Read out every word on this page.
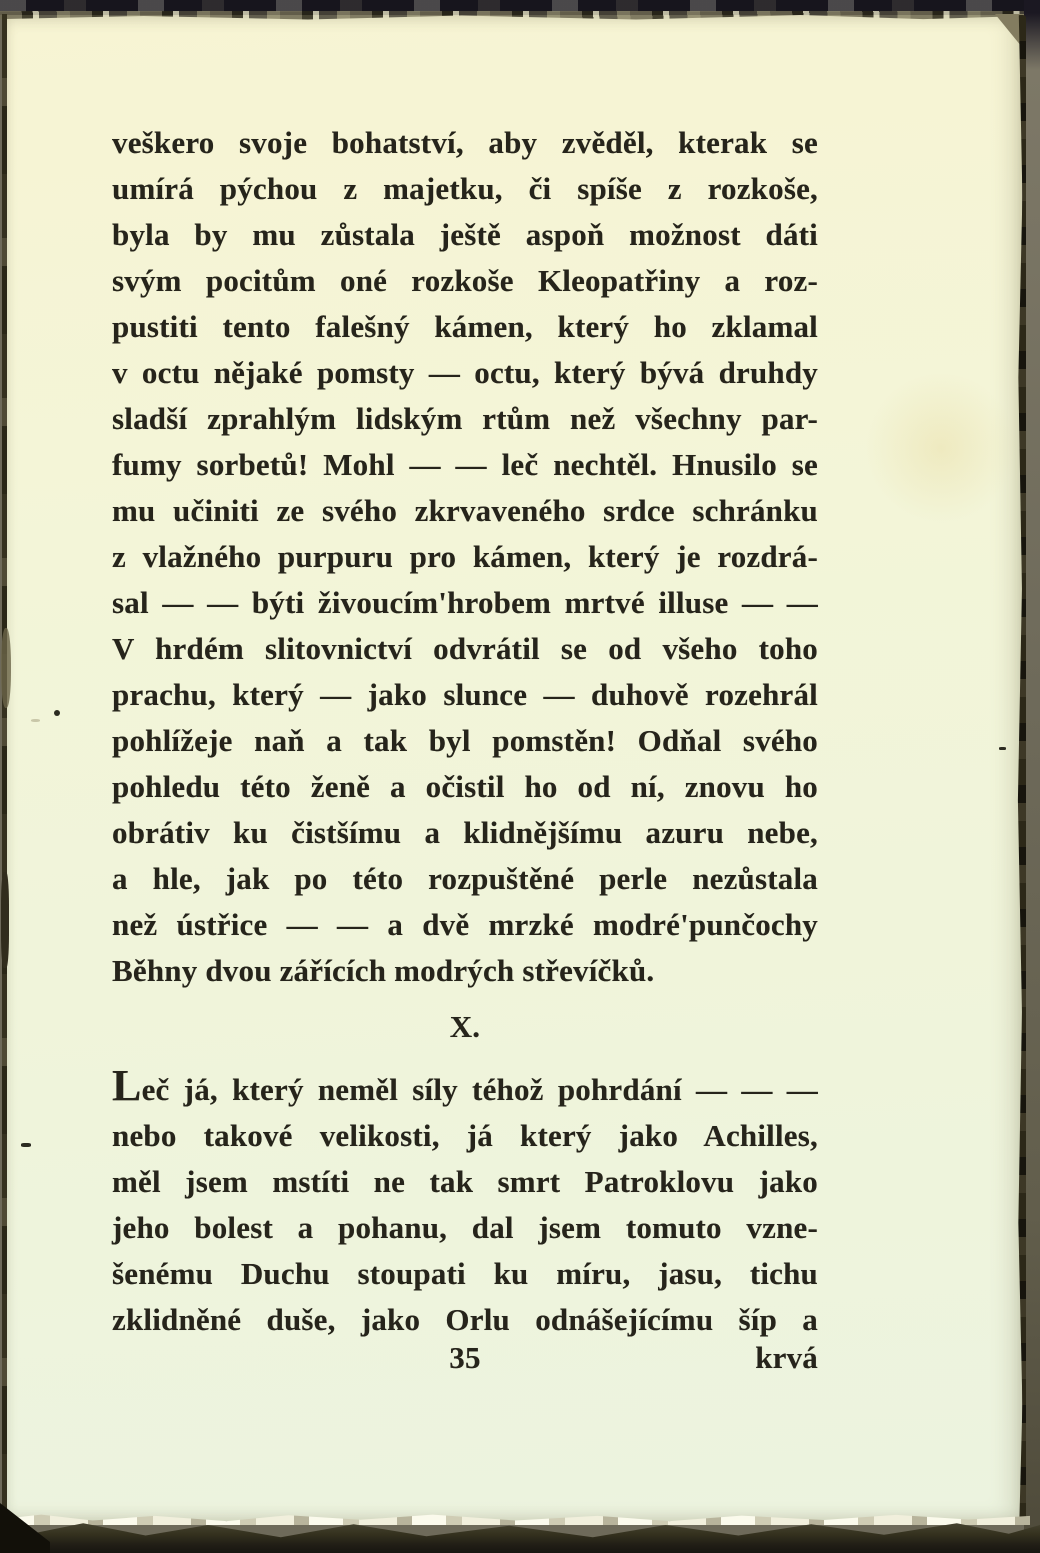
veškero svoje bohatství, aby zvěděl, kterak se
umírá pýchou z majetku, či spíše z rozkoše,
byla by mu zůstala ještě aspoň možnost dáti
svým pocitům oné rozkoše Kleopatřiny a roz-
pustiti tento falešný kámen, který ho zklamal
v octu nějaké pomsty — octu, který bývá druhdy
sladší zprahlým lidským rtům než všechny par-
fumy sorbetů! Mohl — — leč nechtěl. Hnusilo se
mu učiniti ze svého zkrvaveného srdce schránku
z vlažného purpuru pro kámen, který je rozdrá-
sal — — býti živoucím'hrobem mrtvé illuse — —
V hrdém slitovnictví odvrátil se od všeho toho
prachu, který — jako slunce — duhově rozehrál
pohlížeje naň a tak byl pomstěn! Odňal svého
pohledu této ženě a očistil ho od ní, znovu ho
obrátiv ku čistšímu a klidnějšímu azuru nebe,
a hle, jak po této rozpuštěné perle nezůstala
než ústřice — — a dvě mrzké modré'punčochy
Běhny dvou zářících modrých střevíčků.
X.
Leč já, který neměl síly téhož pohrdání — — —
nebo takové velikosti, já který jako Achilles,
měl jsem mstíti ne tak smrt Patroklovu jako
jeho bolest a pohanu, dal jsem tomuto vzne-
šenému Duchu stoupati ku míru, jasu, tichu
zklidněné duše, jako Orlu odnášejícímu šíp a
35	krvá
